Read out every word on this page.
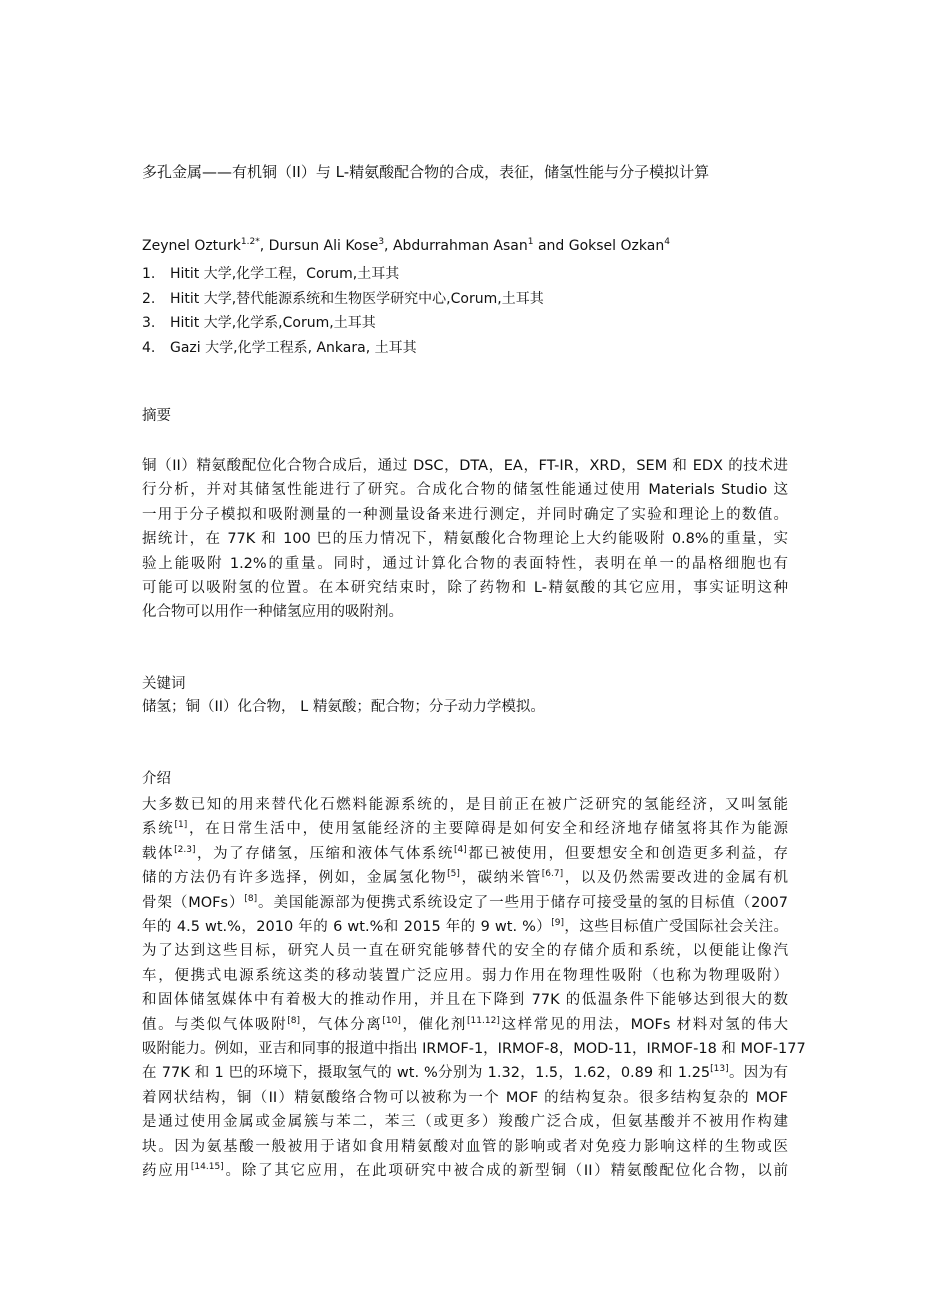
多孔金属——有机铜（II）与 L-精氨酸配合物的合成，表征，储氢性能与分子模拟计算
Zeynel Ozturk$^{1.2*}$, Dursun Ali Kose$^3$, Abdurrahman Asan$^1$ and Goksel Ozkan$^4$
1. Hitit 大学,化学工程，Corum,土耳其
2. Hitit 大学,替代能源系统和生物医学研究中心,Corum,土耳其
3. Hitit 大学,化学系,Corum,土耳其
4. Gazi 大学,化学工程系, Ankara, 土耳其
摘要
铜（II）精氨酸配位化合物合成后，通过 DSC，DTA，EA，FT-IR，XRD，SEM 和 EDX 的技术进
行分析，并对其储氢性能进行了研究。合成化合物的储氢性能通过使用 Materials Studio 这
一用于分子模拟和吸附测量的一种测量设备来进行测定，并同时确定了实验和理论上的数值。
据统计，在 77K 和 100 巴的压力情况下，精氨酸化合物理论上大约能吸附 0.8%的重量，实
验上能吸附 1.2%的重量。同时，通过计算化合物的表面特性，表明在单一的晶格细胞也有
可能可以吸附氢的位置。在本研究结束时，除了药物和 L-精氨酸的其它应用，事实证明这种
化合物可以用作一种储氢应用的吸附剂。
关键词
储氢；铜（II）化合物， L 精氨酸；配合物；分子动力学模拟。
介绍
大多数已知的用来替代化石燃料能源系统的，是目前正在被广泛研究的氢能经济，又叫氢能
系统[1]，在日常生活中，使用氢能经济的主要障碍是如何安全和经济地存储氢将其作为能源
载体[2.3]，为了存储氢，压缩和液体气体系统[4]都已被使用，但要想安全和创造更多利益，存
储的方法仍有许多选择，例如，金属氢化物[5]，碳纳米管[6.7]，以及仍然需要改进的金属有机
骨架（MOFs）[8]。美国能源部为便携式系统设定了一些用于储存可接受量的氢的目标值（2007
年的 4.5 wt.%，2010 年的 6 wt.%和 2015 年的 9 wt. %）[9]，这些目标值广受国际社会关注。
为了达到这些目标，研究人员一直在研究能够替代的安全的存储介质和系统，以便能让像汽
车，便携式电源系统这类的移动装置广泛应用。弱力作用在物理性吸附（也称为物理吸附）
和固体储氢媒体中有着极大的推动作用，并且在下降到 77K 的低温条件下能够达到很大的数
值。与类似气体吸附[8]，气体分离[10]，催化剂[11.12]这样常见的用法，MOFs 材料对氢的伟大
吸附能力。例如，亚吉和同事的报道中指出 IRMOF-1，IRMOF-8，MOD-11，IRMOF-18 和 MOF-177
在 77K 和 1 巴的环境下，摄取氢气的 wt. %分别为 1.32，1.5，1.62，0.89 和 1.25[13]。因为有
着网状结构，铜（II）精氨酸络合物可以被称为一个 MOF 的结构复杂。很多结构复杂的 MOF
是通过使用金属或金属簇与苯二，苯三（或更多）羧酸广泛合成，但氨基酸并不被用作构建
块。因为氨基酸一般被用于诸如食用精氨酸对血管的影响或者对免疫力影响这样的生物或医
药应用[14.15]。除了其它应用，在此项研究中被合成的新型铜（II）精氨酸配位化合物，以前
